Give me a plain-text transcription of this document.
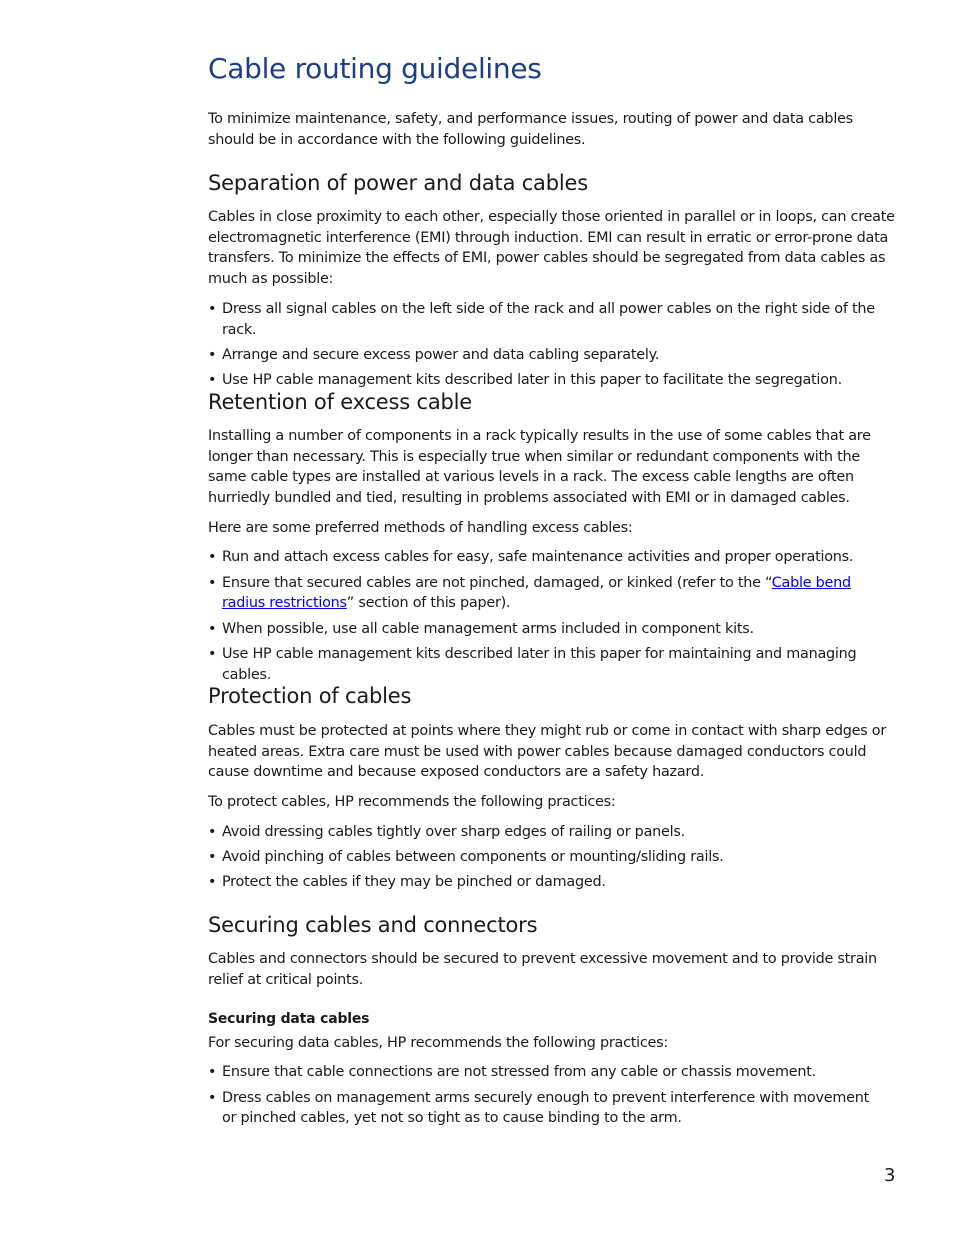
Cable routing guidelines

To minimize maintenance, safety, and performance issues, routing of power and data cables should be in accordance with the following guidelines.

Separation of power and data cables

Cables in close proximity to each other, especially those oriented in parallel or in loops, can create electromagnetic interference (EMI) through induction. EMI can result in erratic or error-prone data transfers. To minimize the effects of EMI, power cables should be segregated from data cables as much as possible:

• Dress all signal cables on the left side of the rack and all power cables on the right side of the rack.
• Arrange and secure excess power and data cabling separately.
• Use HP cable management kits described later in this paper to facilitate the segregation.
Retention of excess cable

Installing a number of components in a rack typically results in the use of some cables that are longer than necessary. This is especially true when similar or redundant components with the same cable types are installed at various levels in a rack. The excess cable lengths are often hurriedly bundled and tied, resulting in problems associated with EMI or in damaged cables.

Here are some preferred methods of handling excess cables:

• Run and attach excess cables for easy, safe maintenance activities and proper operations.
• Ensure that secured cables are not pinched, damaged, or kinked (refer to the “Cable bend radius restrictions” section of this paper).
• When possible, use all cable management arms included in component kits.
• Use HP cable management kits described later in this paper for maintaining and managing cables.
Protection of cables

Cables must be protected at points where they might rub or come in contact with sharp edges or heated areas. Extra care must be used with power cables because damaged conductors could cause downtime and because exposed conductors are a safety hazard.

To protect cables, HP recommends the following practices:

• Avoid dressing cables tightly over sharp edges of railing or panels.
• Avoid pinching of cables between components or mounting/sliding rails.
• Protect the cables if they may be pinched or damaged.
Securing cables and connectors

Cables and connectors should be secured to prevent excessive movement and to provide strain relief at critical points.

Securing data cables

For securing data cables, HP recommends the following practices:

• Ensure that cable connections are not stressed from any cable or chassis movement.
• Dress cables on management arms securely enough to prevent interference with movement or pinched cables, yet not so tight as to cause binding to the arm.
3
